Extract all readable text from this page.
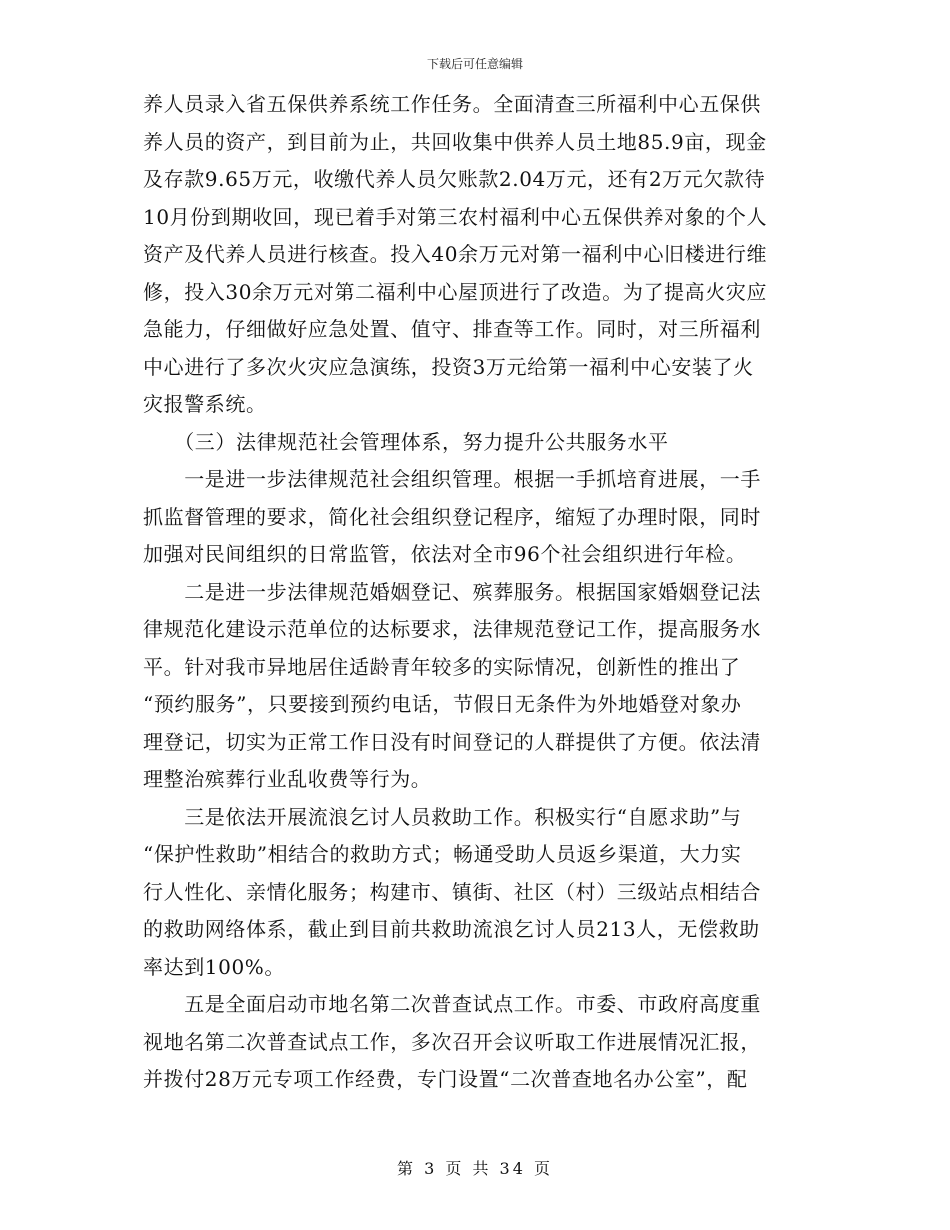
下载后可任意编辑
养人员录入省五保供养系统工作任务。全面清查三所福利中心五保供
养人员的资产，到目前为止，共回收集中供养人员土地85.9亩，现金
及存款9.65万元，收缴代养人员欠账款2.04万元，还有2万元欠款待
10月份到期收回，现已着手对第三农村福利中心五保供养对象的个人
资产及代养人员进行核查。投入40余万元对第一福利中心旧楼进行维
修，投入30余万元对第二福利中心屋顶进行了改造。为了提高火灾应
急能力，仔细做好应急处置、值守、排查等工作。同时，对三所福利
中心进行了多次火灾应急演练，投资3万元给第一福利中心安装了火
灾报警系统。
　　（三）法律规范社会管理体系，努力提升公共服务水平
　　一是进一步法律规范社会组织管理。根据一手抓培育进展，一手
抓监督管理的要求，简化社会组织登记程序，缩短了办理时限，同时
加强对民间组织的日常监管，依法对全市96个社会组织进行年检。
　　二是进一步法律规范婚姻登记、殡葬服务。根据国家婚姻登记法
律规范化建设示范单位的达标要求，法律规范登记工作，提高服务水
平。针对我市异地居住适龄青年较多的实际情况，创新性的推出了
“预约服务”，只要接到预约电话，节假日无条件为外地婚登对象办
理登记，切实为正常工作日没有时间登记的人群提供了方便。依法清
理整治殡葬行业乱收费等行为。
　　三是依法开展流浪乞讨人员救助工作。积极实行“自愿求助”与
“保护性救助”相结合的救助方式；畅通受助人员返乡渠道，大力实
行人性化、亲情化服务；构建市、镇街、社区（村）三级站点相结合
的救助网络体系，截止到目前共救助流浪乞讨人员213人，无偿救助
率达到100%。
　　五是全面启动市地名第二次普查试点工作。市委、市政府高度重
视地名第二次普查试点工作，多次召开会议听取工作进展情况汇报，
并拨付28万元专项工作经费，专门设置“二次普查地名办公室”，配
第 3 页 共 34 页
